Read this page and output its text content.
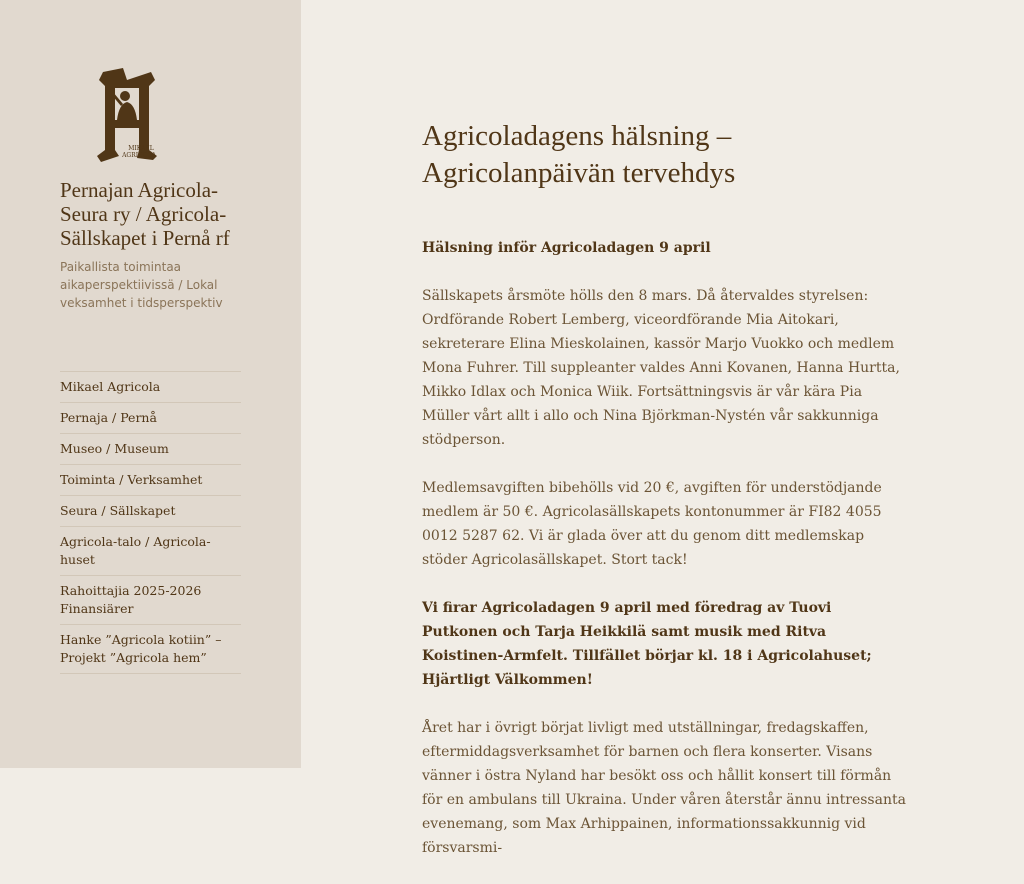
MIKAEL
AGRICOLA
Pernajan Agricola-Seura ry / Agricola-Sällskapet i Pernå rf

Paikallista toimintaa aikaperspektiivissä / Lokal veksamhet i tidsperspektiv

Mikael Agricola
Pernaja / Pernå
Museo / Museum
Toiminta / Verksamhet
Seura / Sällskapet
Agricola-talo / Agricola-huset
Rahoittajia 2025-2026 Finansiärer
Hanke ”Agricola kotiin” – Projekt ”Agricola hem”
Agricoladagens hälsning –
Agricolanpäivän tervehdys

Hälsning inför Agricoladagen 9 april

Sällskapets årsmöte hölls den 8 mars. Då återvaldes styrelsen: Ordförande Robert Lemberg, viceordförande Mia Aitokari, sekreterare Elina Mieskolainen, kassör Marjo Vuokko och medlem Mona Fuhrer. Till suppleanter valdes Anni Kovanen, Hanna Hurtta, Mikko Idlax och Monica Wiik. Fortsättningsvis är vår kära Pia Müller vårt allt i allo och Nina Björkman-Nystén vår sakkunniga stödperson.

Medlemsavgiften bibehölls vid 20 €, avgiften för understödjande medlem är 50 €. Agricolasällskapets kontonummer är FI82 4055 0012 5287 62. Vi är glada över att du genom ditt medlemskap stöder Agricolasällskapet. Stort tack!

Vi firar Agricoladagen 9 april med föredrag av Tuovi Putkonen och Tarja Heikkilä samt musik med Ritva Koistinen-Armfelt. Tillfället börjar kl. 18 i Agricolahuset; Hjärtligt Välkommen!

Året har i övrigt börjat livligt med utställningar, fredagskaffen, eftermiddagsverksamhet för barnen och flera konserter. Visans vänner i östra Nyland har besökt oss och hållit konsert till förmån för en ambulans till Ukraina. Under våren återstår ännu intressanta evenemang, som Max Arhippainen, informationssakkunnig vid försvarsmi-
